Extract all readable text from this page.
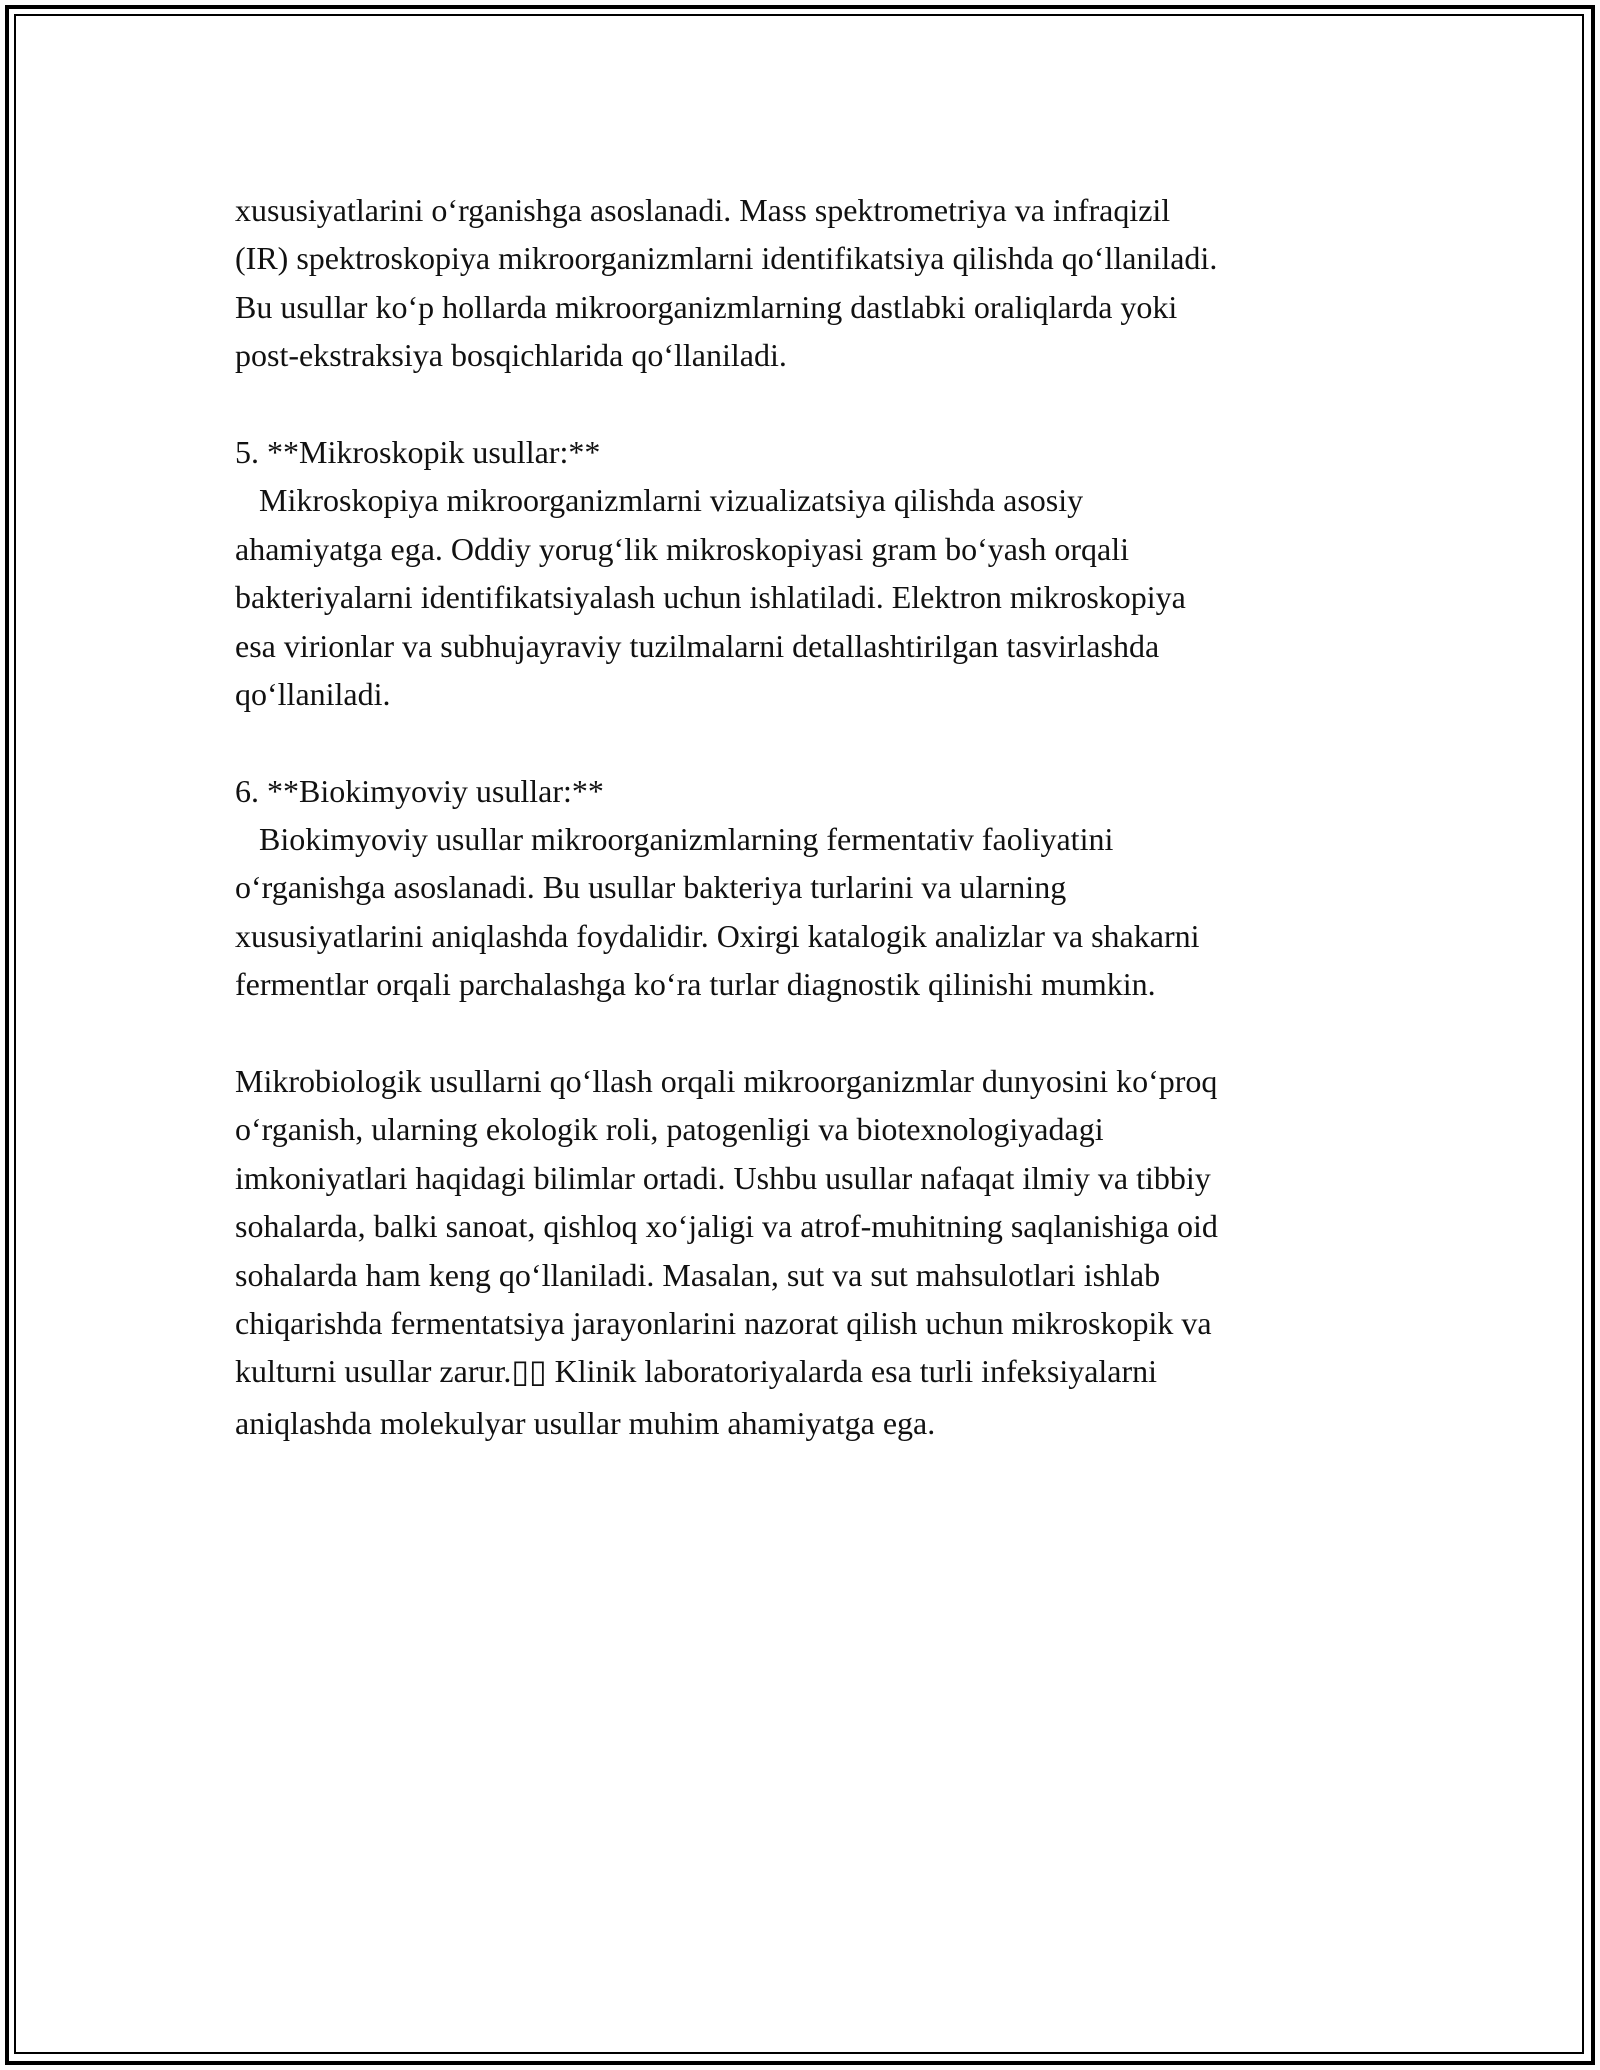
xususiyatlarini o‘rganishga asoslanadi. Mass spektrometriya va infraqizil
(IR) spektroskopiya mikroorganizmlarni identifikatsiya qilishda qo‘llaniladi.
Bu usullar ko‘p hollarda mikroorganizmlarning dastlabki oraliqlarda yoki
post-ekstraksiya bosqichlarida qo‘llaniladi.
5. **Mikroskopik usullar:**
Mikroskopiya mikroorganizmlarni vizualizatsiya qilishda asosiy
ahamiyatga ega. Oddiy yorug‘lik mikroskopiyasi gram bo‘yash orqali
bakteriyalarni identifikatsiyalash uchun ishlatiladi. Elektron mikroskopiya
esa virionlar va subhujayraviy tuzilmalarni detallashtirilgan tasvirlashda
qo‘llaniladi.
6. **Biokimyoviy usullar:**
Biokimyoviy usullar mikroorganizmlarning fermentativ faoliyatini
o‘rganishga asoslanadi. Bu usullar bakteriya turlarini va ularning
xususiyatlarini aniqlashda foydalidir. Oxirgi katalogik analizlar va shakarni
fermentlar orqali parchalashga ko‘ra turlar diagnostik qilinishi mumkin.
Mikrobiologik usullarni qo‘llash orqali mikroorganizmlar dunyosini ko‘proq
o‘rganish, ularning ekologik roli, patogenligi va biotexnologiyadagi
imkoniyatlari haqidagi bilimlar ortadi. Ushbu usullar nafaqat ilmiy va tibbiy
sohalarda, balki sanoat, qishloq xo‘jaligi va atrof-muhitning saqlanishiga oid
sohalarda ham keng qo‘llaniladi. Masalan, sut va sut mahsulotlari ishlab
chiqarishda fermentatsiya jarayonlarini nazorat qilish uchun mikroskopik va
kulturni usullar zarur.▯▯ Klinik laboratoriyalarda esa turli infeksiyalarni
aniqlashda molekulyar usullar muhim ahamiyatga ega.
